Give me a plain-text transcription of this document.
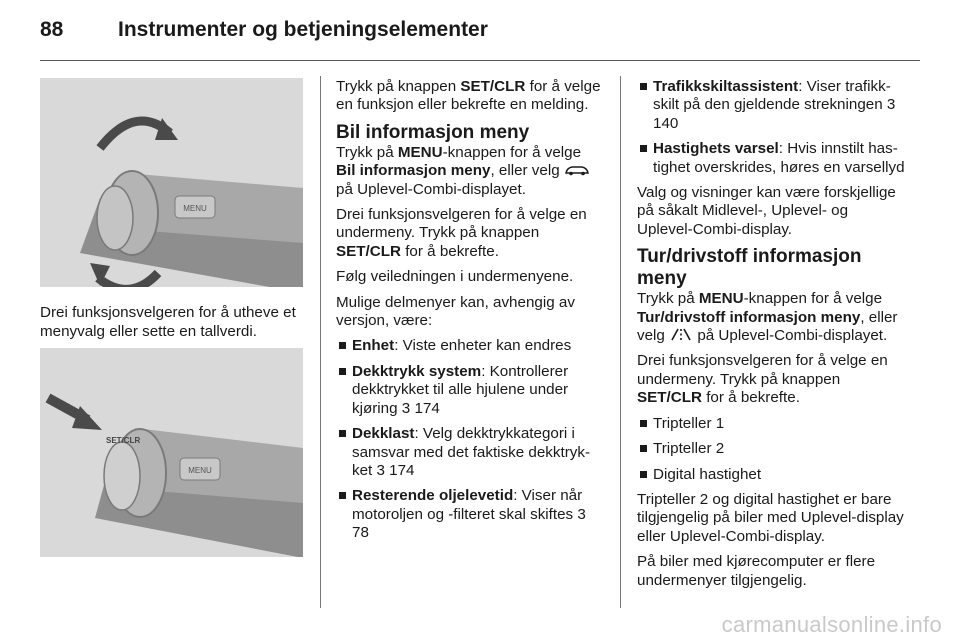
88	Instrumenter og betjeningselementer
MENU

Drei funksjonsvelgeren for å utheve et menyvalg eller sette en tallverdi.

SET/CLR
MENU

Trykk på knappen SET/CLR for å velge en funksjon eller bekrefte en melding.

Bil informasjon meny

Trykk på MENU-knappen for å velge Bil informasjon meny, eller velg  på Uplevel-Combi-displayet.

Drei funksjonsvelgeren for å velge en undermeny. Trykk på knappen SET/CLR for å bekrefte.

Følg veiledningen i undermenyene.

Mulige delmenyer kan, avhengig av versjon, være:

Enhet: Viste enheter kan endres
Dekktrykk system: Kontrollerer dekktrykket til alle hjulene under kjøring 3 174
Dekklast: Velg dekktrykkategori i samsvar med det faktiske dekktrykket 3 174
Resterende oljelevetid: Viser når motoroljen og -filteret skal skiftes 3 78
Trafikkskiltassistent: Viser trafikkskilt på den gjeldende strekningen 3 140
Hastighets varsel: Hvis innstilt hastighet overskrides, høres en varsellyd

Valg og visninger kan være forskjellige på såkalt Midlevel-, Uplevel- og Uplevel-Combi-display.

Tur/drivstoff informasjon meny

Trykk på MENU-knappen for å velge Tur/drivstoff informasjon meny, eller velg  på Uplevel-Combi-displayet.

Drei funksjonsvelgeren for å velge en undermeny. Trykk på knappen SET/CLR for å bekrefte.

Tripteller 1
Tripteller 2
Digital hastighet

Tripteller 2 og digital hastighet er bare tilgjengelig på biler med Uplevel-display eller Uplevel-Combi-display.

På biler med kjørecomputer er flere undermenyer tilgjengelig.

carmanualsonline.info
